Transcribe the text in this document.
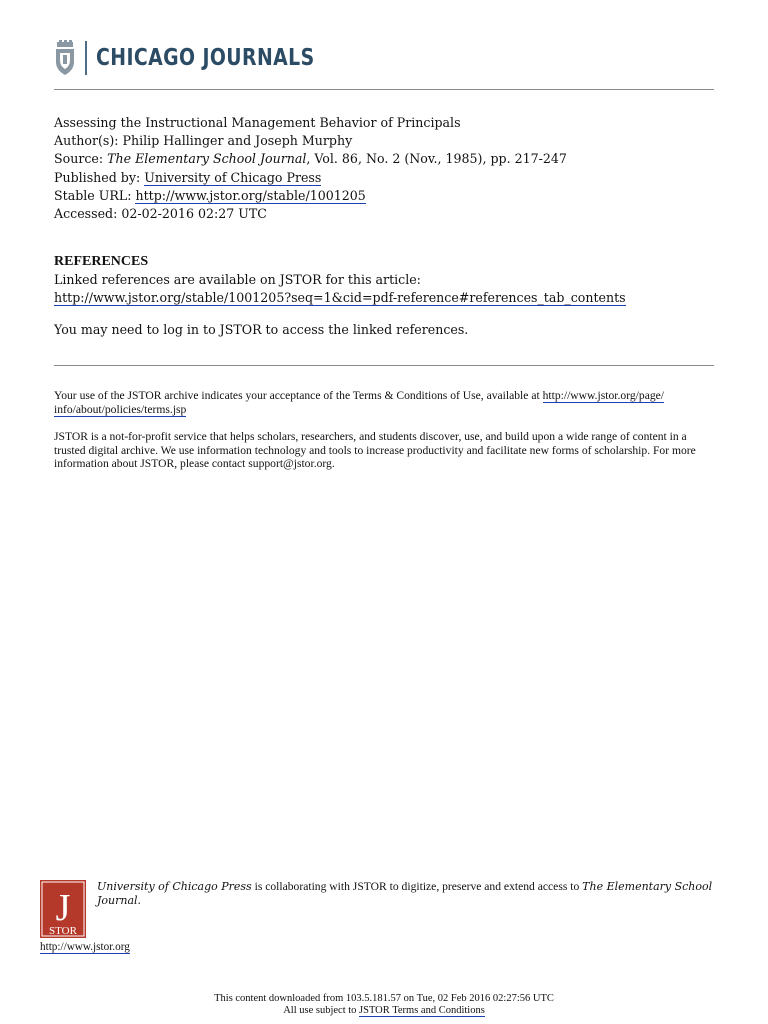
CHICAGO JOURNALS
Assessing the Instructional Management Behavior of Principals
Author(s): Philip Hallinger and Joseph Murphy
Source: The Elementary School Journal, Vol. 86, No. 2 (Nov., 1985), pp. 217-247
Published by: University of Chicago Press
Stable URL: http://www.jstor.org/stable/1001205
Accessed: 02-02-2016 02:27 UTC
REFERENCES
Linked references are available on JSTOR for this article:
http://www.jstor.org/stable/1001205?seq=1&cid=pdf-reference#references_tab_contents
You may need to log in to JSTOR to access the linked references.

Your use of the JSTOR archive indicates your acceptance of the Terms & Conditions of Use, available at http://www.jstor.org/page/
info/about/policies/terms.jsp

JSTOR is a not-for-profit service that helps scholars, researchers, and students discover, use, and build upon a wide range of content in a trusted digital archive. We use information technology and tools to increase productivity and facilitate new forms of scholarship. For more information about JSTOR, please contact support@jstor.org.

J
STOR
http://www.jstor.org
University of Chicago Press is collaborating with JSTOR to digitize, preserve and extend access to The Elementary School Journal.
This content downloaded from 103.5.181.57 on Tue, 02 Feb 2016 02:27:56 UTC
All use subject to JSTOR Terms and Conditions
